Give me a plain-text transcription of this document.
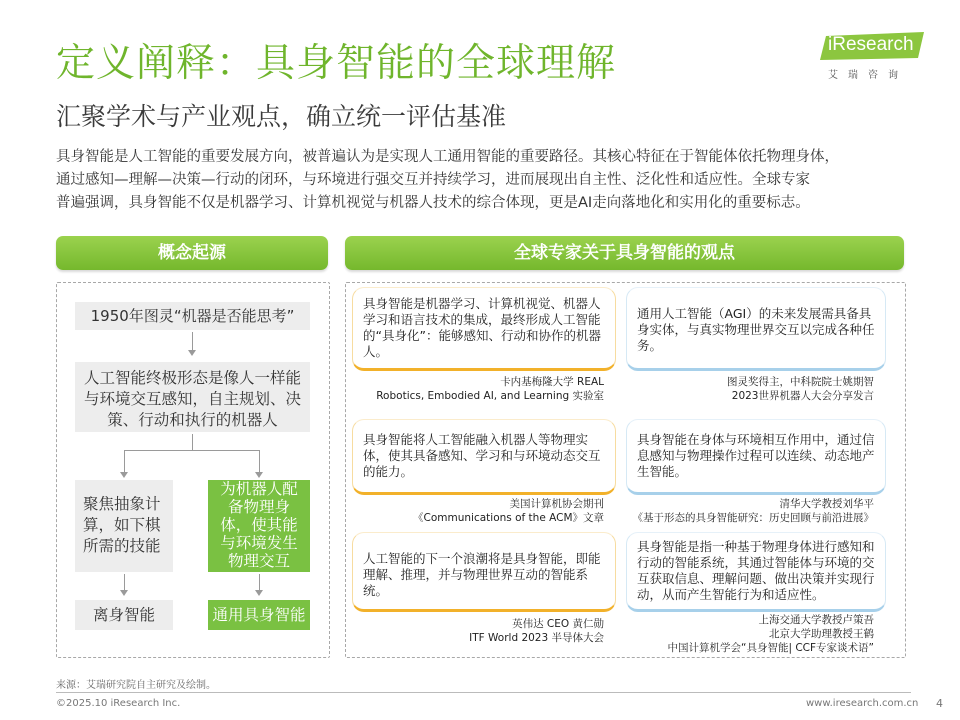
定义阐释：具身智能的全球理解
汇聚学术与产业观点，确立统一评估基准
iResearch
艾瑞咨询
具身智能是人工智能的重要发展方向，被普遍认为是实现人工通用智能的重要路径。其核心特征在于智能体依托物理身体，
通过感知—理解—决策—行动的闭环，与环境进行强交互并持续学习，进而展现出自主性、泛化性和适应性。全球专家
普遍强调，具身智能不仅是机器学习、计算机视觉与机器人技术的综合体现，更是AI走向落地化和实用化的重要标志。
概念起源	全球专家关于具身智能的观点
1950年图灵“机器是否能思考”
人工智能终极形态是像人一样能与环境交互感知，自主规划、决策、行动和执行的机器人
聚焦抽象计算，如下棋所需的技能
为机器人配备物理身体，使其能与环境发生物理交互
离身智能	通用具身智能
具身智能是机器学习、计算机视觉、机器人学习和语言技术的集成，最终形成人工智能的“具身化”：能够感知、行动和协作的机器人。
卡内基梅隆大学 REAL
Robotics, Embodied AI, and Learning 实验室
通用人工智能（AGI）的未来发展需具备具身实体，与真实物理世界交互以完成各种任务。
图灵奖得主，中科院院士姚期智
2023世界机器人大会分享发言
具身智能将人工智能融入机器人等物理实体，使其具备感知、学习和与环境动态交互的能力。
美国计算机协会期刊
《Communications of the ACM》文章
具身智能在身体与环境相互作用中，通过信息感知与物理操作过程可以连续、动态地产生智能。
清华大学教授刘华平
《基于形态的具身智能研究：历史回顾与前沿进展》
人工智能的下一个浪潮将是具身智能，即能理解、推理，并与物理世界互动的智能系统。
英伟达 CEO 黄仁勋
ITF World 2023 半导体大会
具身智能是指一种基于物理身体进行感知和行动的智能系统，其通过智能体与环境的交互获取信息、理解问题、做出决策并实现行动，从而产生智能行为和适应性。
上海交通大学教授卢策吾
北京大学助理教授王鹤
中国计算机学会“具身智能| CCF专家谈术语”
来源：艾瑞研究院自主研究及绘制。
©2025.10 iResearch Inc.	www.iresearch.com.cn 4
